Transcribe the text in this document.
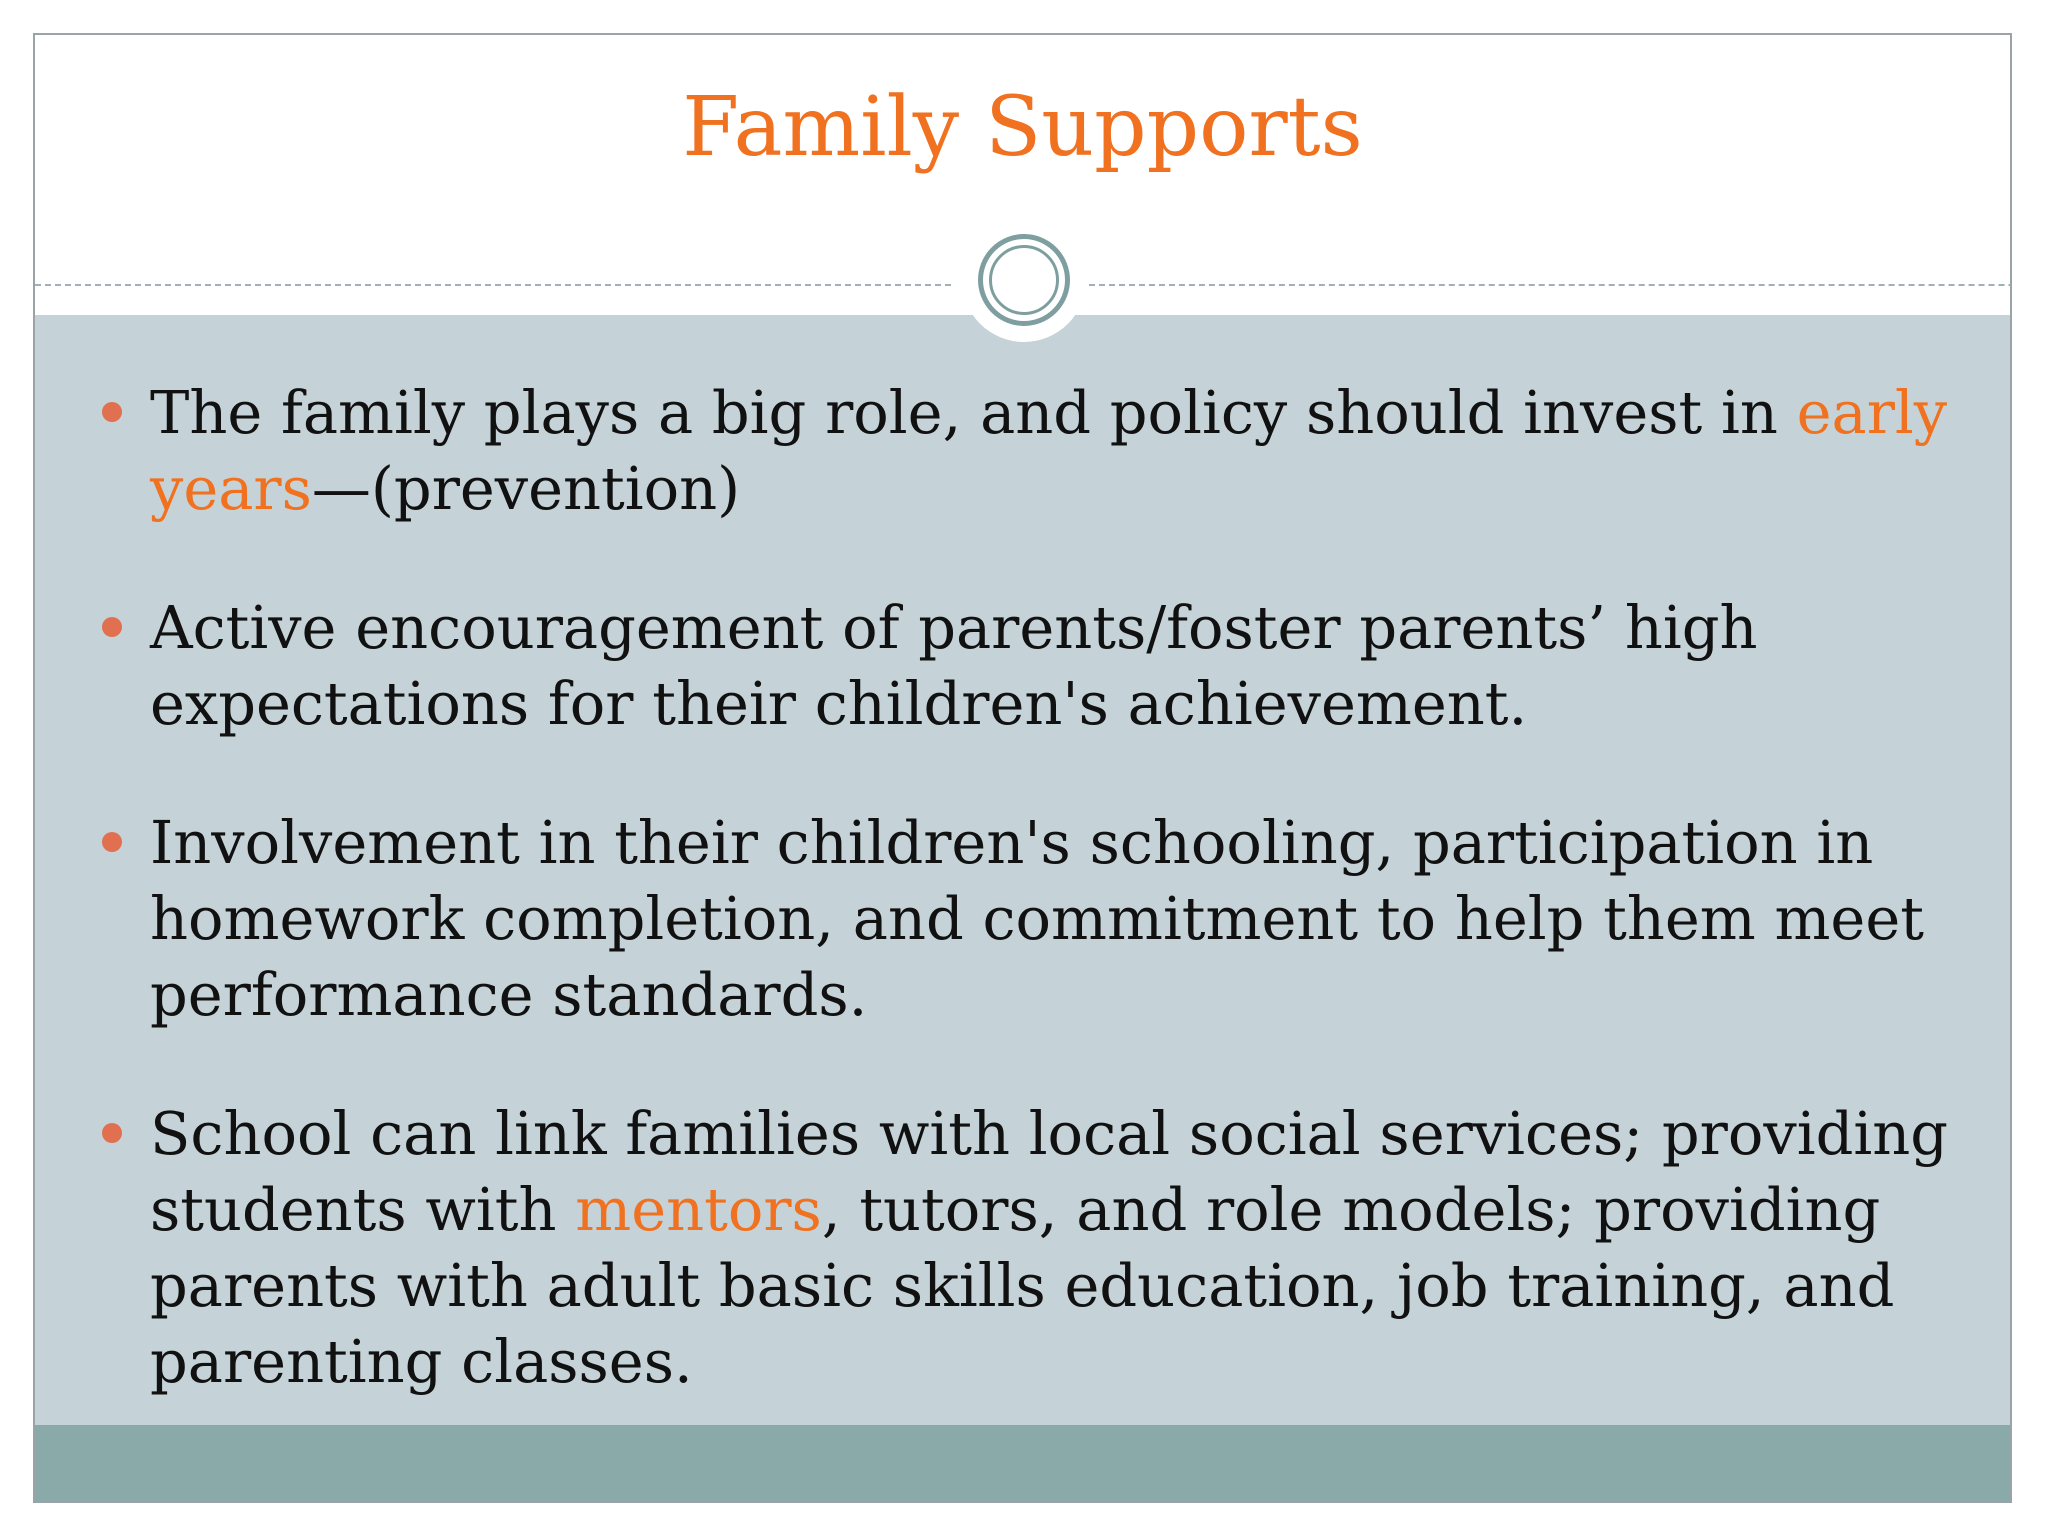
Family Supports
The family plays a big role, and policy should invest in early years—(prevention)
Active encouragement of parents/foster parents’ high expectations for their children's achievement.
Involvement in their children's schooling, participation in homework completion, and commitment to help them meet performance standards.
School can link families with local social services; providing students with mentors, tutors, and role models; providing parents with adult basic skills education, job training, and parenting classes.
